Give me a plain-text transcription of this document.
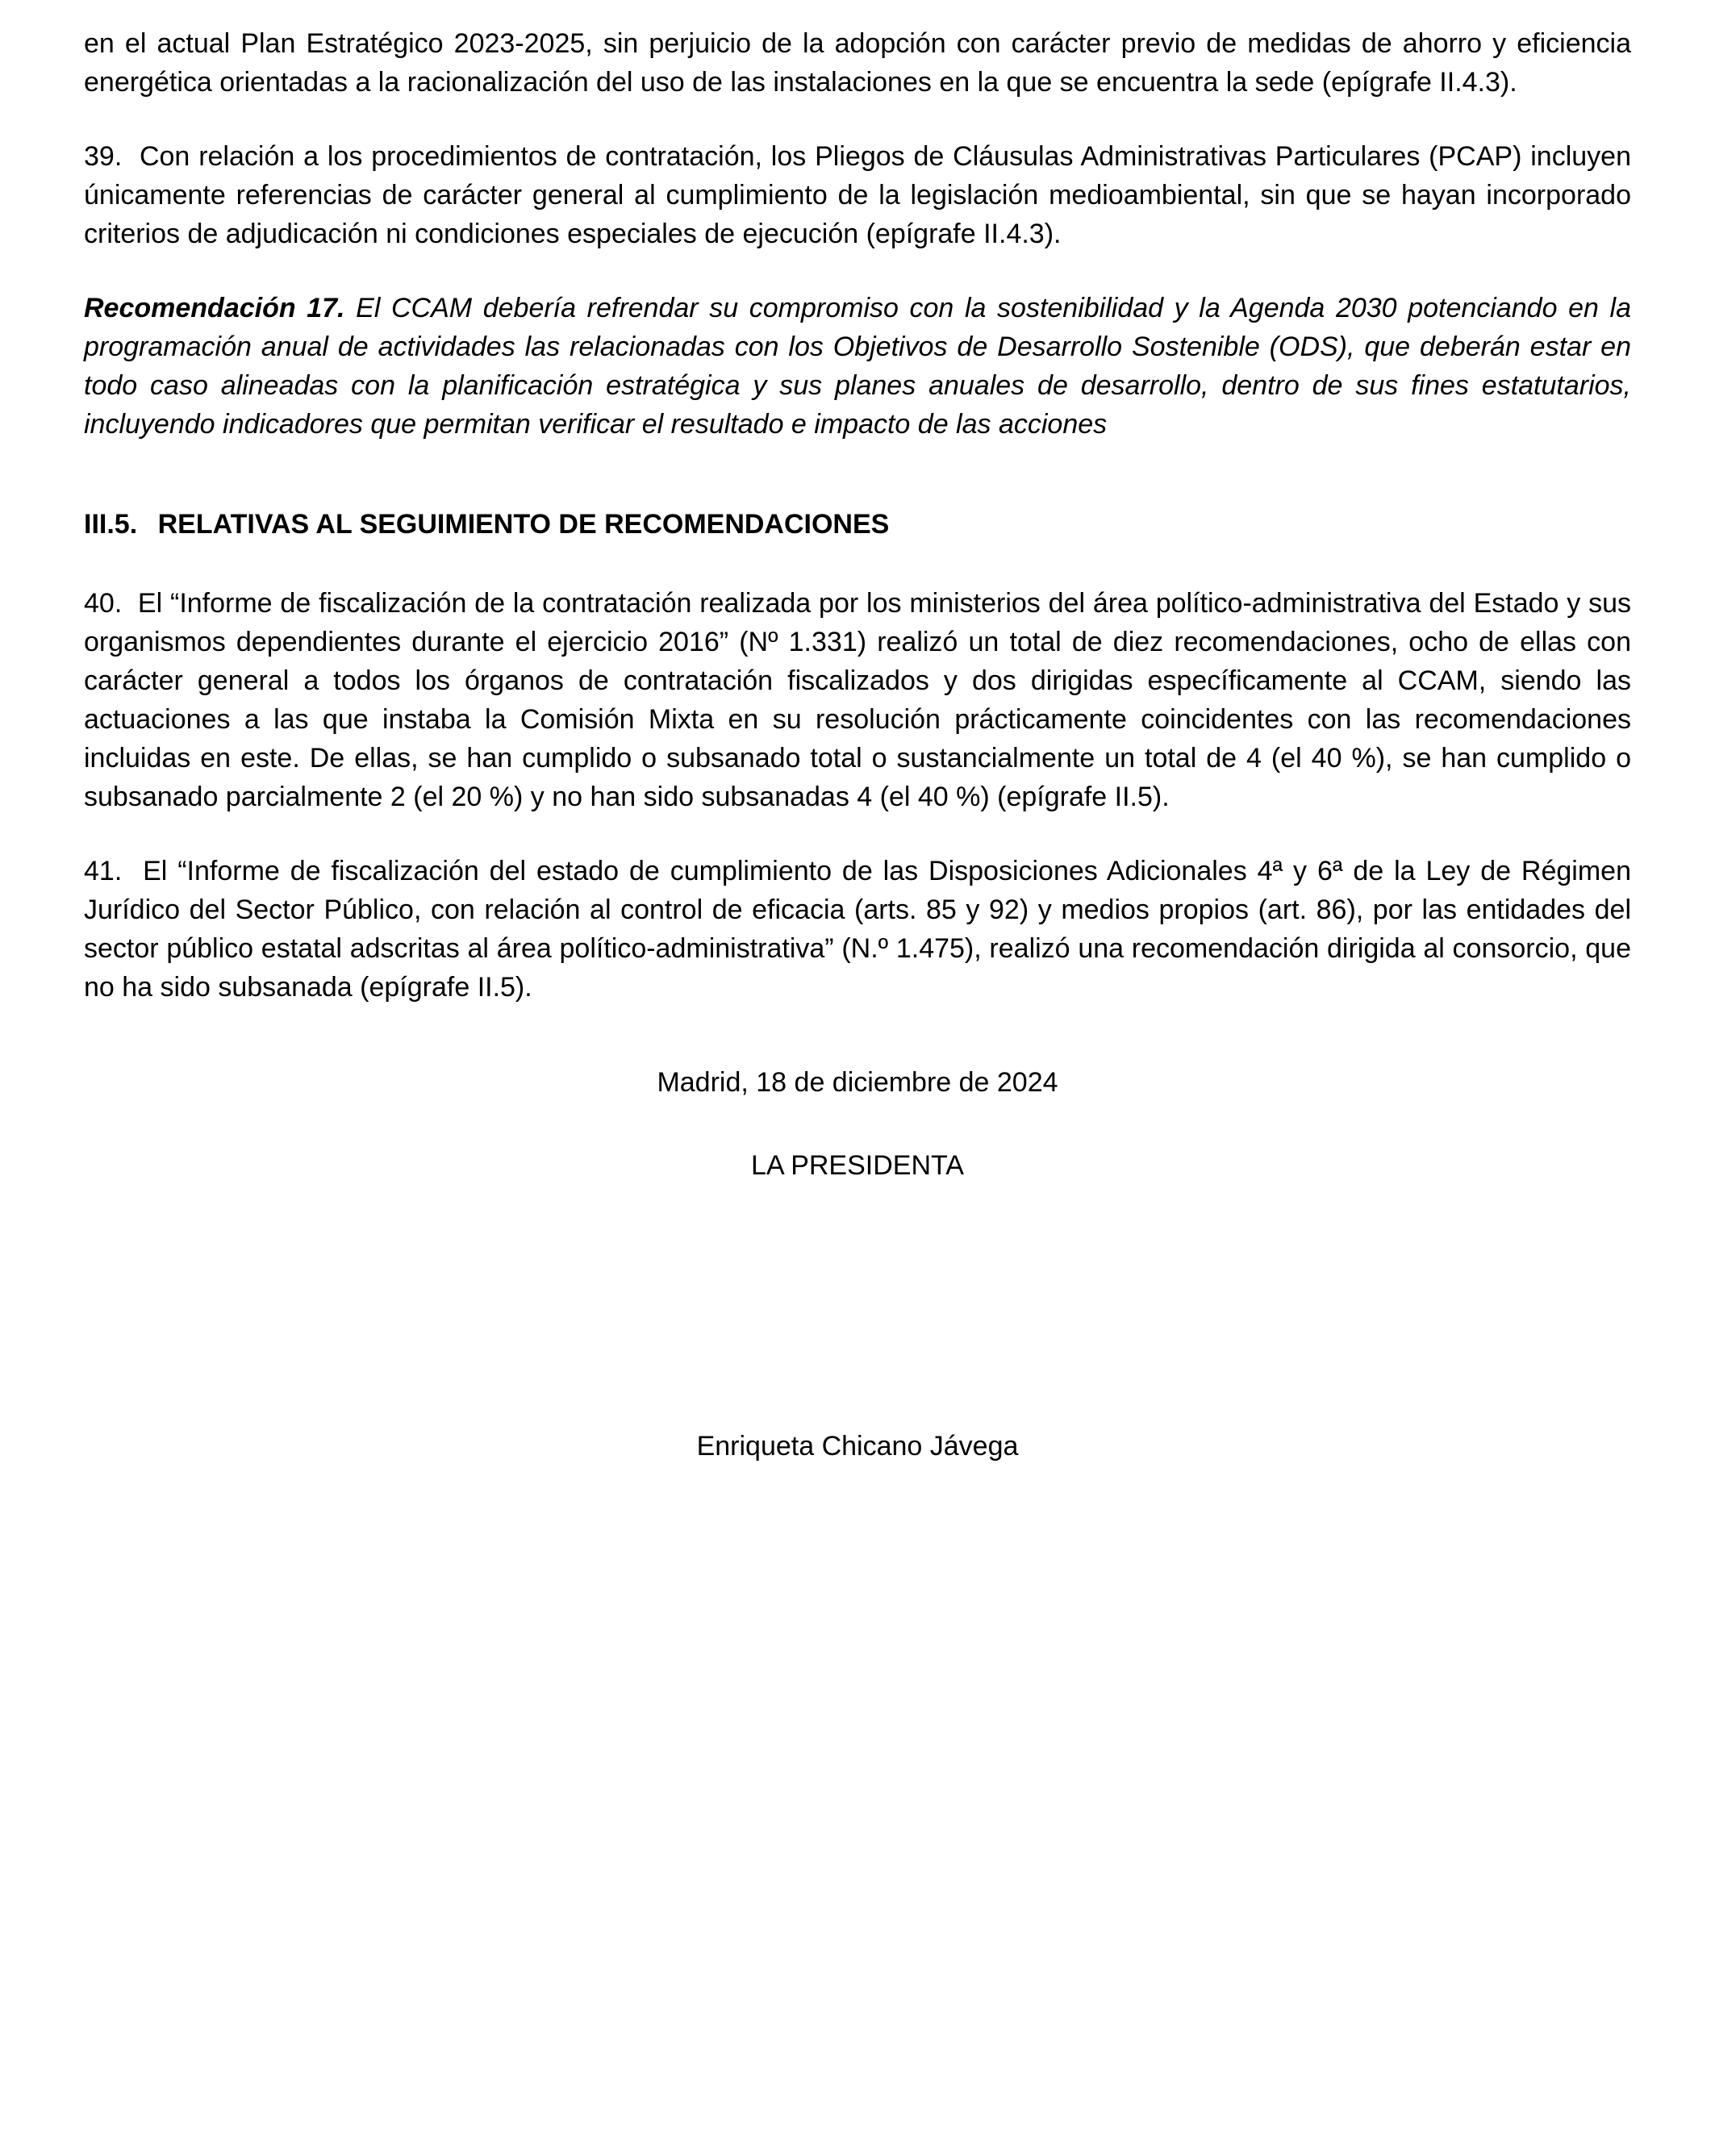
en el actual Plan Estratégico 2023-2025, sin perjuicio de la adopción con carácter previo de medidas de ahorro y eficiencia energética orientadas a la racionalización del uso de las instalaciones en la que se encuentra la sede (epígrafe II.4.3).

39.  Con relación a los procedimientos de contratación, los Pliegos de Cláusulas Administrativas Particulares (PCAP) incluyen únicamente referencias de carácter general al cumplimiento de la legislación medioambiental, sin que se hayan incorporado criterios de adjudicación ni condiciones especiales de ejecución (epígrafe II.4.3).

Recomendación 17. El CCAM debería refrendar su compromiso con la sostenibilidad y la Agenda 2030 potenciando en la programación anual de actividades las relacionadas con los Objetivos de Desarrollo Sostenible (ODS), que deberán estar en todo caso alineadas con la planificación estratégica y sus planes anuales de desarrollo, dentro de sus fines estatutarios, incluyendo indicadores que permitan verificar el resultado e impacto de las acciones

III.5. RELATIVAS AL SEGUIMIENTO DE RECOMENDACIONES

40.  El “Informe de fiscalización de la contratación realizada por los ministerios del área político-administrativa del Estado y sus organismos dependientes durante el ejercicio 2016” (Nº 1.331) realizó un total de diez recomendaciones, ocho de ellas con carácter general a todos los órganos de contratación fiscalizados y dos dirigidas específicamente al CCAM, siendo las actuaciones a las que instaba la Comisión Mixta en su resolución prácticamente coincidentes con las recomendaciones incluidas en este. De ellas, se han cumplido o subsanado total o sustancialmente un total de 4 (el 40 %), se han cumplido o subsanado parcialmente 2 (el 20 %) y no han sido subsanadas 4 (el 40 %) (epígrafe II.5).

41.  El “Informe de fiscalización del estado de cumplimiento de las Disposiciones Adicionales 4ª y 6ª de la Ley de Régimen Jurídico del Sector Público, con relación al control de eficacia (arts. 85 y 92) y medios propios (art. 86), por las entidades del sector público estatal adscritas al área político-administrativa” (N.º 1.475), realizó una recomendación dirigida al consorcio, que no ha sido subsanada (epígrafe II.5).

Madrid, 18 de diciembre de 2024

LA PRESIDENTA

Enriqueta Chicano Jávega
